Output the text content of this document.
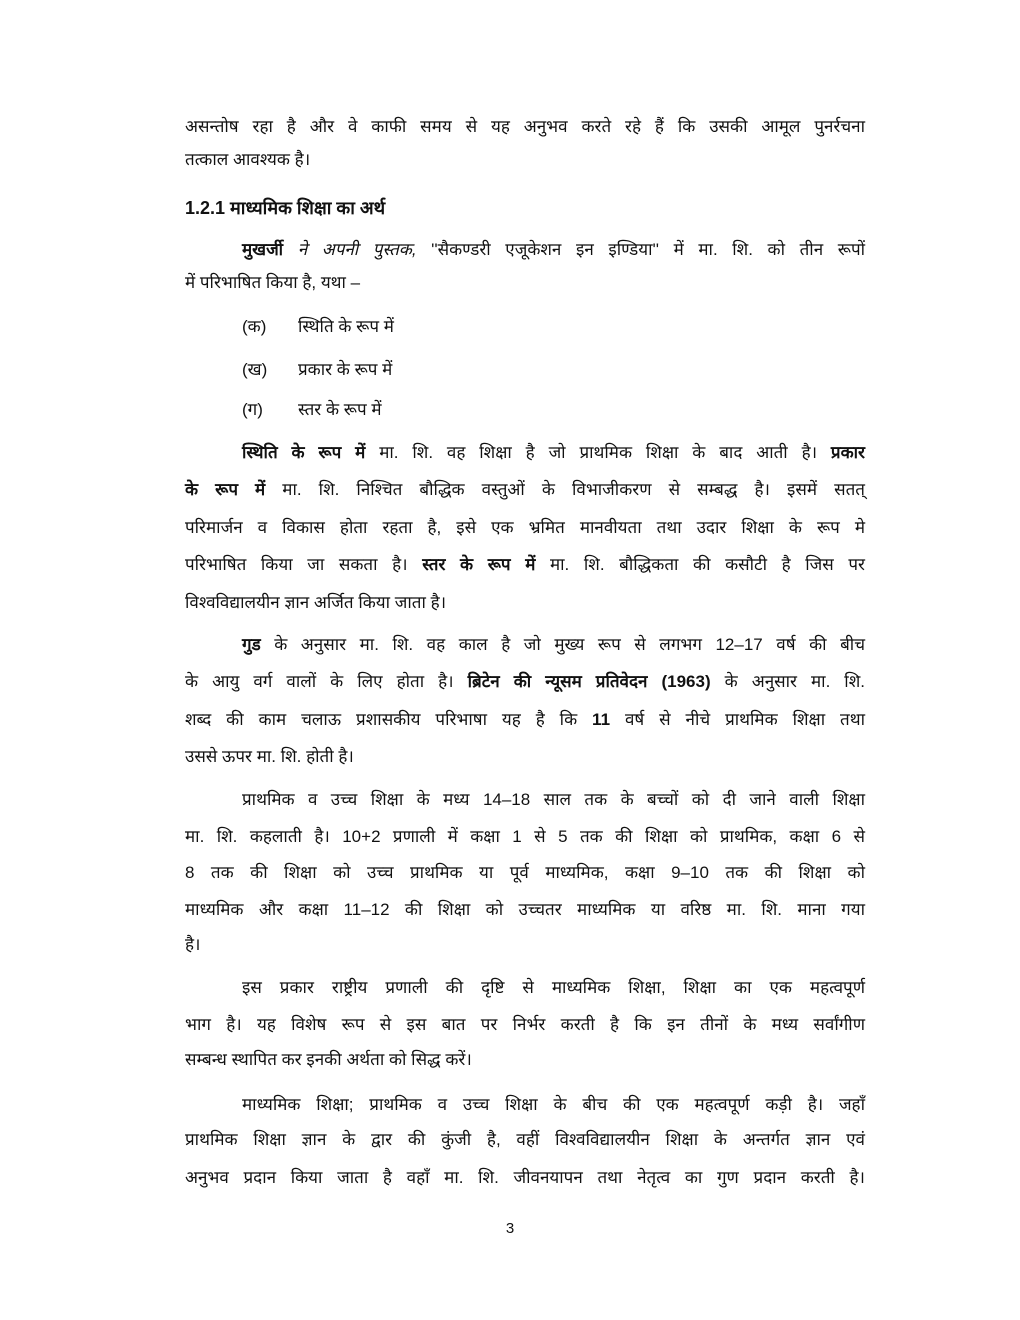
1.2.1 माध्यमिक शिक्षा का अर्थ
(क) स्थिति के रूप में
(ख) प्रकार के रूप में
(ग) स्तर के रूप में
3
असन्तोष रहा है और वे काफी समय से यह अनुभव करते रहे हैं कि उसकी आमूल पुनर्रचना
तत्काल आवश्यक है।
मुखर्जी ने अपनी पुस्तक, ''सैकण्डरी एजूकेशन इन इण्डिया'' में मा. शि. को तीन रूपों
में परिभाषित किया है, यथा –
स्थिति के रूप में मा. शि. वह शिक्षा है जो प्राथमिक शिक्षा के बाद आती है। प्रकार
के रूप में मा. शि. निश्चित बौद्धिक वस्तुओं के विभाजीकरण से सम्बद्ध है। इसमें सतत्
परिमार्जन व विकास होता रहता है, इसे एक भ्रमित मानवीयता तथा उदार शिक्षा के रूप मे
परिभाषित किया जा सकता है। स्तर के रूप में मा. शि. बौद्धिकता की कसौटी है जिस पर
विश्वविद्यालयीन ज्ञान अर्जित किया जाता है।
गुड के अनुसार मा. शि. वह काल है जो मुख्य रूप से लगभग 12–17 वर्ष की बीच
के आयु वर्ग वालों के लिए होता है। ब्रिटेन की न्यूसम प्रतिवेदन (1963) के अनुसार मा. शि.
शब्द की काम चलाऊ प्रशासकीय परिभाषा यह है कि 11 वर्ष से नीचे प्राथमिक शिक्षा तथा
उससे ऊपर मा. शि. होती है।
प्राथमिक व उच्च शिक्षा के मध्य 14–18 साल तक के बच्चों को दी जाने वाली शिक्षा
मा. शि. कहलाती है। 10+2 प्रणाली में कक्षा 1 से 5 तक की शिक्षा को प्राथमिक, कक्षा 6 से
8 तक की शिक्षा को उच्च प्राथमिक या पूर्व माध्यमिक, कक्षा 9–10 तक की शिक्षा को
माध्यमिक और कक्षा 11–12 की शिक्षा को उच्चतर माध्यमिक या वरिष्ठ मा. शि. माना गया
है।
इस प्रकार राष्ट्रीय प्रणाली की दृष्टि से माध्यमिक शिक्षा, शिक्षा का एक महत्वपूर्ण
भाग है। यह विशेष रूप से इस बात पर निर्भर करती है कि इन तीनों के मध्य सर्वांगीण
सम्बन्ध स्थापित कर इनकी अर्थता को सिद्ध करें।
माध्यमिक शिक्षा; प्राथमिक व उच्च शिक्षा के बीच की एक महत्वपूर्ण कड़ी है। जहाँ
प्राथमिक शिक्षा ज्ञान के द्वार की कुंजी है, वहीं विश्वविद्यालयीन शिक्षा के अन्तर्गत ज्ञान एवं
अनुभव प्रदान किया जाता है वहाँ मा. शि. जीवनयापन तथा नेतृत्व का गुण प्रदान करती है।
